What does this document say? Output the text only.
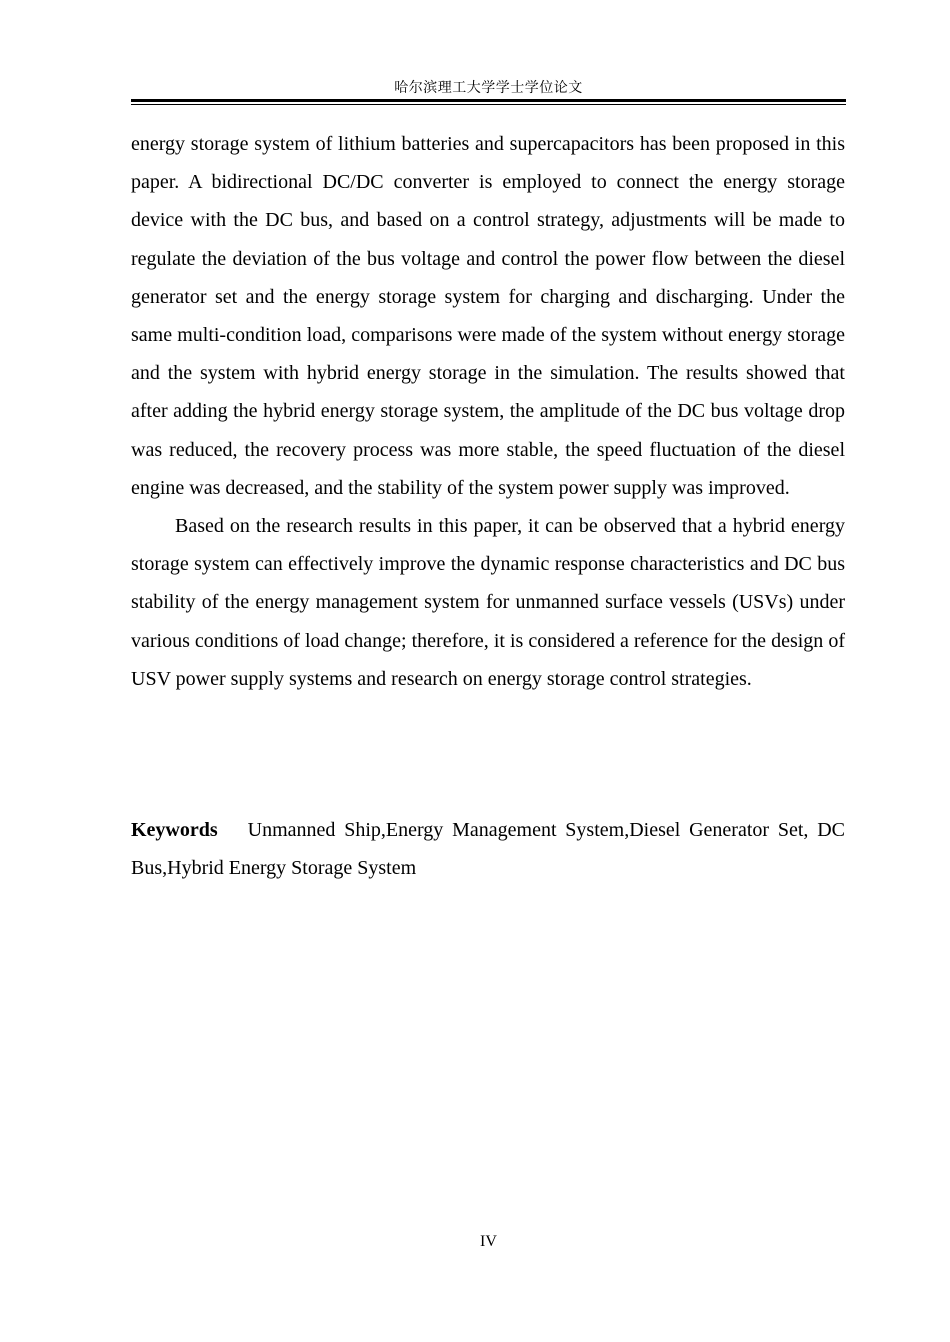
哈尔滨理工大学学士学位论文

energy storage system of lithium batteries and supercapacitors has been proposed in this paper. A bidirectional DC/DC converter is employed to connect the energy storage device with the DC bus, and based on a control strategy, adjustments will be made to regulate the deviation of the bus voltage and control the power flow between the diesel generator set and the energy storage system for charging and discharging. Under the same multi-condition load, comparisons were made of the system without energy storage and the system with hybrid energy storage in the simulation. The results showed that after adding the hybrid energy storage system, the amplitude of the DC bus voltage drop was reduced, the recovery process was more stable, the speed fluctuation of the diesel engine was decreased, and the stability of the system power supply was improved.

Based on the research results in this paper, it can be observed that a hybrid energy storage system can effectively improve the dynamic response characteristics and DC bus stability of the energy management system for unmanned surface vessels (USVs) under various conditions of load change; therefore, it is considered a reference for the design of USV power supply systems and research on energy storage control strategies.

Keywords Unmanned Ship,Energy Management System,Diesel Generator Set, DC Bus,Hybrid Energy Storage System

IV
